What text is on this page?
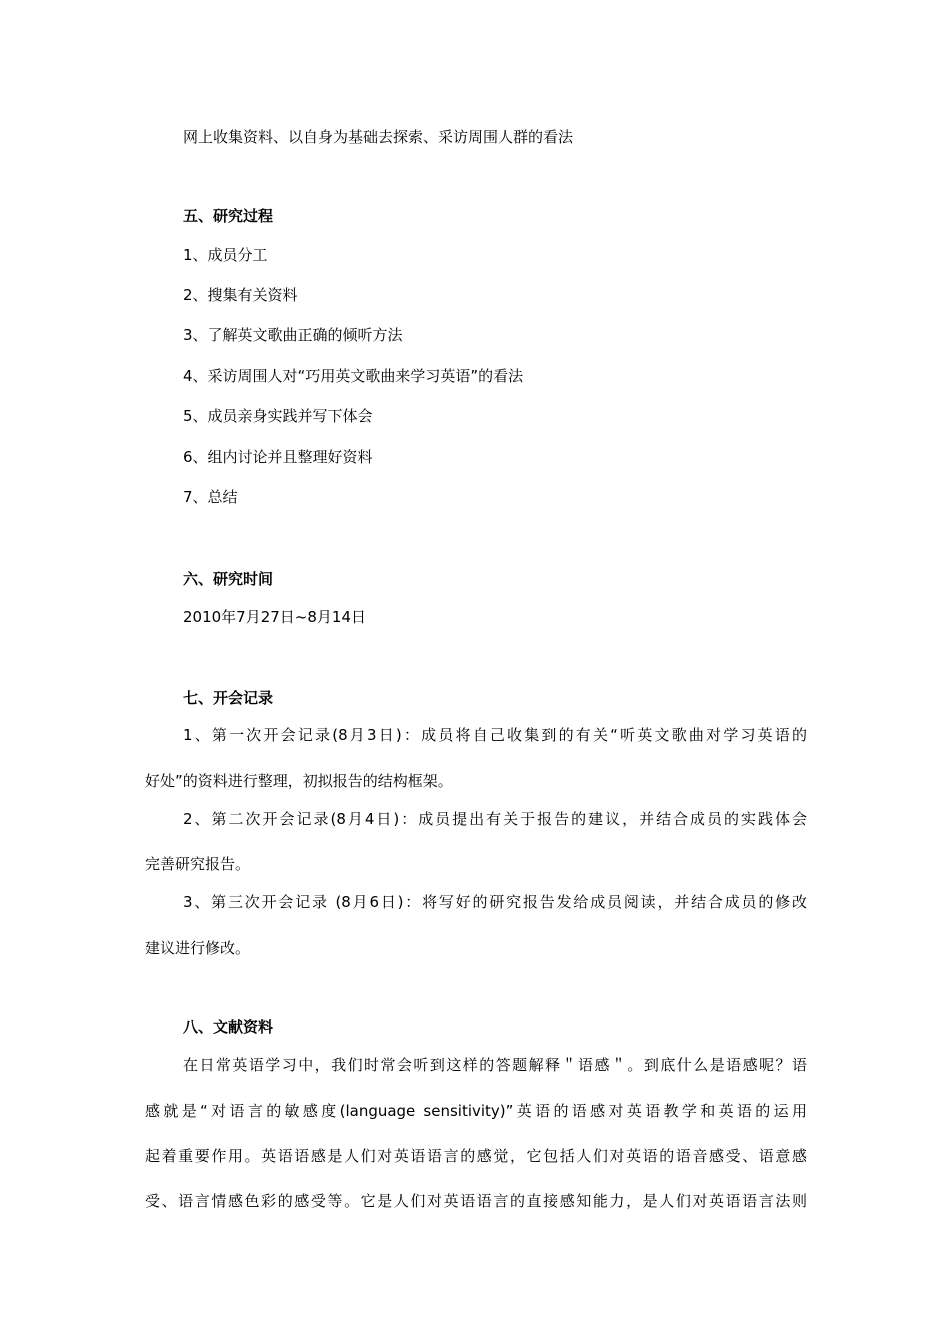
网上收集资料、以自身为基础去探索、采访周围人群的看法
五、研究过程
1、成员分工
2、搜集有关资料
3、了解英文歌曲正确的倾听方法
4、采访周围人对“巧用英文歌曲来学习英语”的看法
5、成员亲身实践并写下体会
6、组内讨论并且整理好资料
7、总结
六、研究时间
2010年7月27日~8月14日
七、开会记录
1、第一次开会记录(8月3日)：成员将自己收集到的有关“听英文歌曲对学习英语的
好处”的资料进行整理，初拟报告的结构框架。
2、第二次开会记录(8月4日)：成员提出有关于报告的建议，并结合成员的实践体会
完善研究报告。
3、第三次开会记录 (8月6日)：将写好的研究报告发给成员阅读，并结合成员的修改
建议进行修改。
八、文献资料
在日常英语学习中，我们时常会听到这样的答题解释＂语感＂。到底什么是语感呢？语
感就是“对语言的敏感度(language sensitivity)”英语的语感对英语教学和英语的运用
起着重要作用。英语语感是人们对英语语言的感觉，它包括人们对英语的语音感受、语意感
受、语言情感色彩的感受等。它是人们对英语语言的直接感知能力，是人们对英语语言法则
